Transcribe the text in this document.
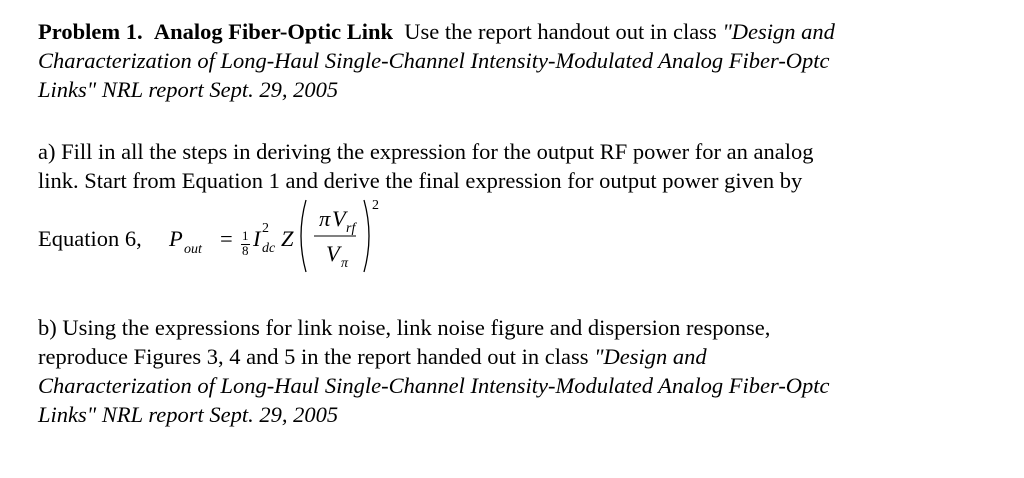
Problem 1. Analog Fiber-Optic Link Use the report handout out in class "Design and
Characterization of Long-Haul Single-Channel Intensity-Modulated Analog Fiber-Optc
Links" NRL report Sept. 29, 2005
a) Fill in all the steps in deriving the expression for the output RF power for an analog
link. Start from Equation 1 and derive the final expression for output power given by
Equation 6, P out = 1
8 I 2
dc Z
π V rf
V π
2
b) Using the expressions for link noise, link noise figure and dispersion response,
reproduce Figures 3, 4 and 5 in the report handed out in class "Design and
Characterization of Long-Haul Single-Channel Intensity-Modulated Analog Fiber-Optc
Links" NRL report Sept. 29, 2005
